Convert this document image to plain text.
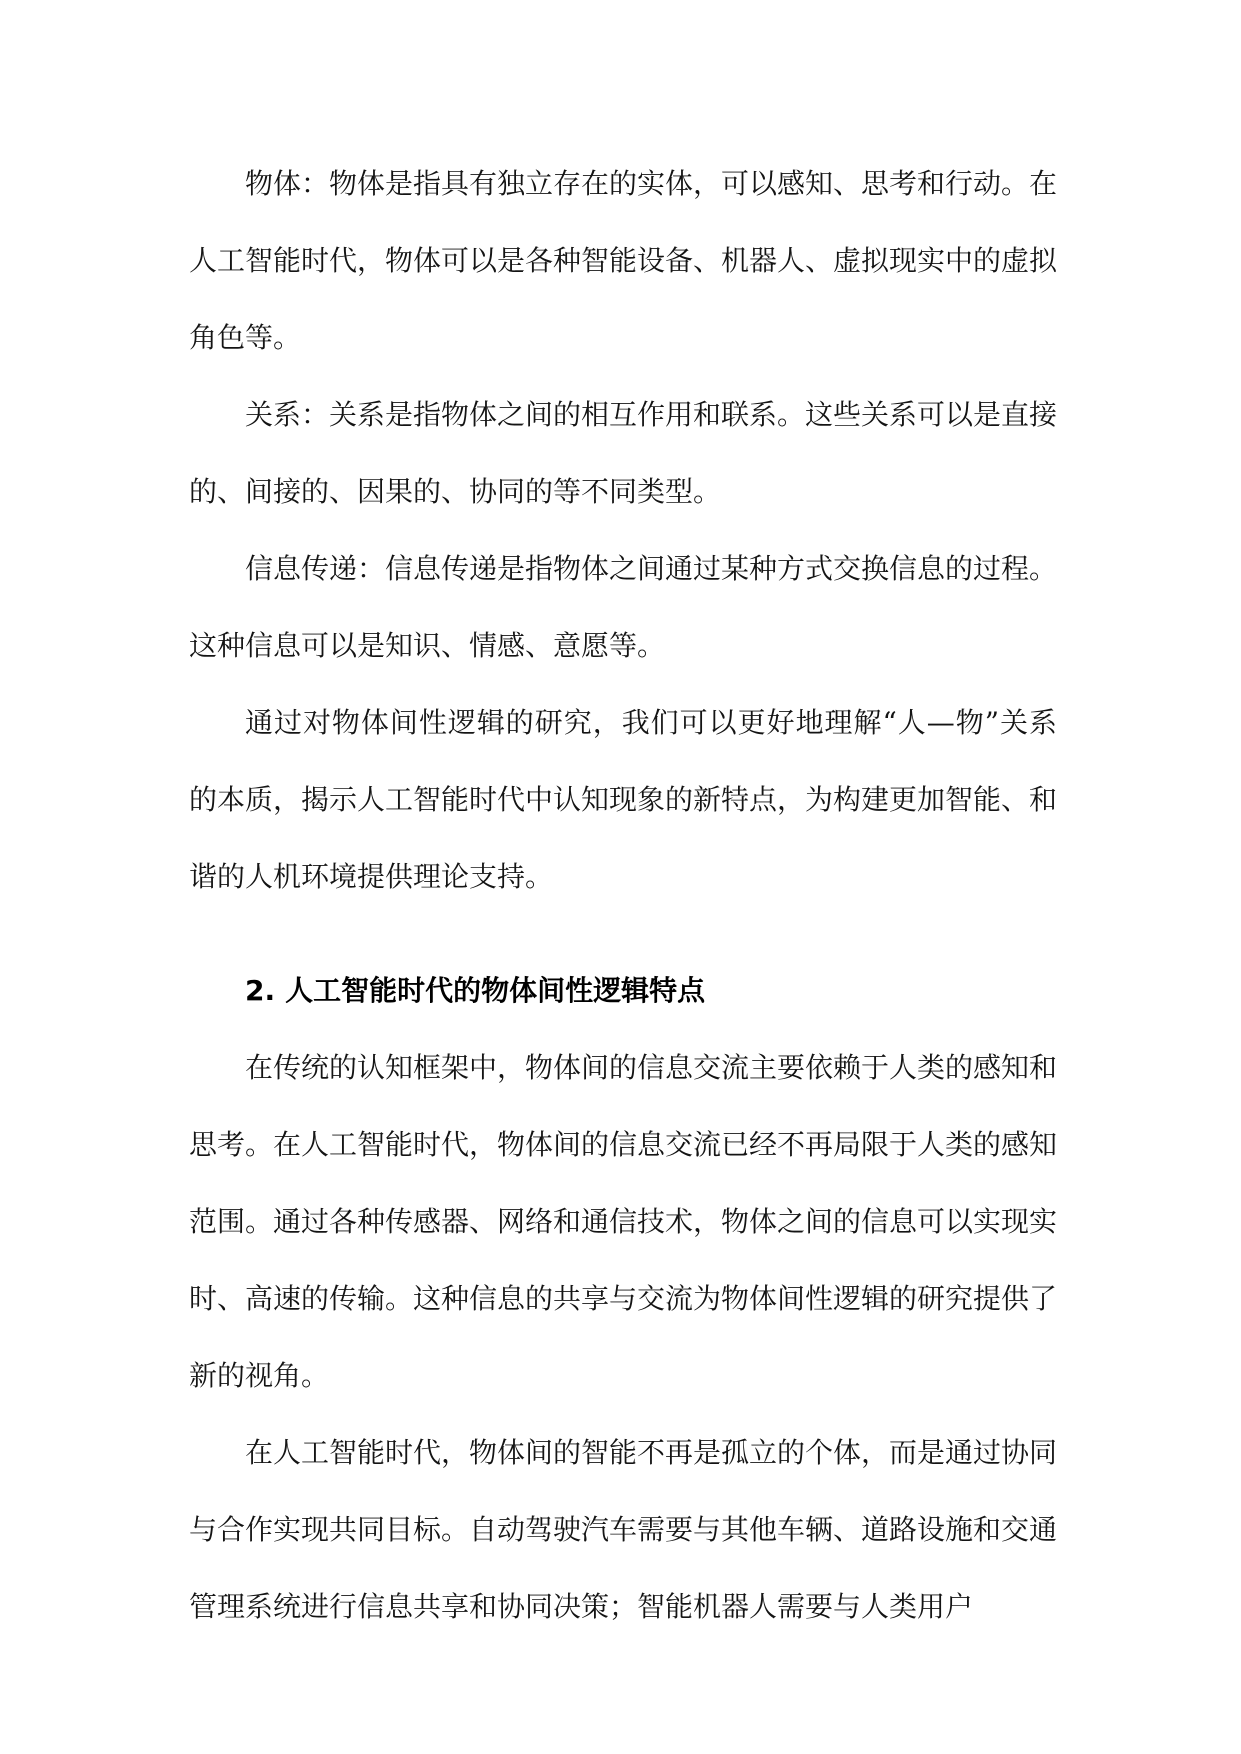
物体：物体是指具有独立存在的实体，可以感知、思考和行动。在人工智能时代，物体可以是各种智能设备、机器人、虚拟现实中的虚拟角色等。

关系：关系是指物体之间的相互作用和联系。这些关系可以是直接的、间接的、因果的、协同的等不同类型。

信息传递：信息传递是指物体之间通过某种方式交换信息的过程。这种信息可以是知识、情感、意愿等。

通过对物体间性逻辑的研究，我们可以更好地理解“人—物”关系的本质，揭示人工智能时代中认知现象的新特点，为构建更加智能、和谐的人机环境提供理论支持。

2. 人工智能时代的物体间性逻辑特点

在传统的认知框架中，物体间的信息交流主要依赖于人类的感知和思考。在人工智能时代，物体间的信息交流已经不再局限于人类的感知范围。通过各种传感器、网络和通信技术，物体之间的信息可以实现实时、高速的传输。这种信息的共享与交流为物体间性逻辑的研究提供了新的视角。

在人工智能时代，物体间的智能不再是孤立的个体，而是通过协同与合作实现共同目标。自动驾驶汽车需要与其他车辆、道路设施和交通管理系统进行信息共享和协同决策；智能机器人需要与人类用户
